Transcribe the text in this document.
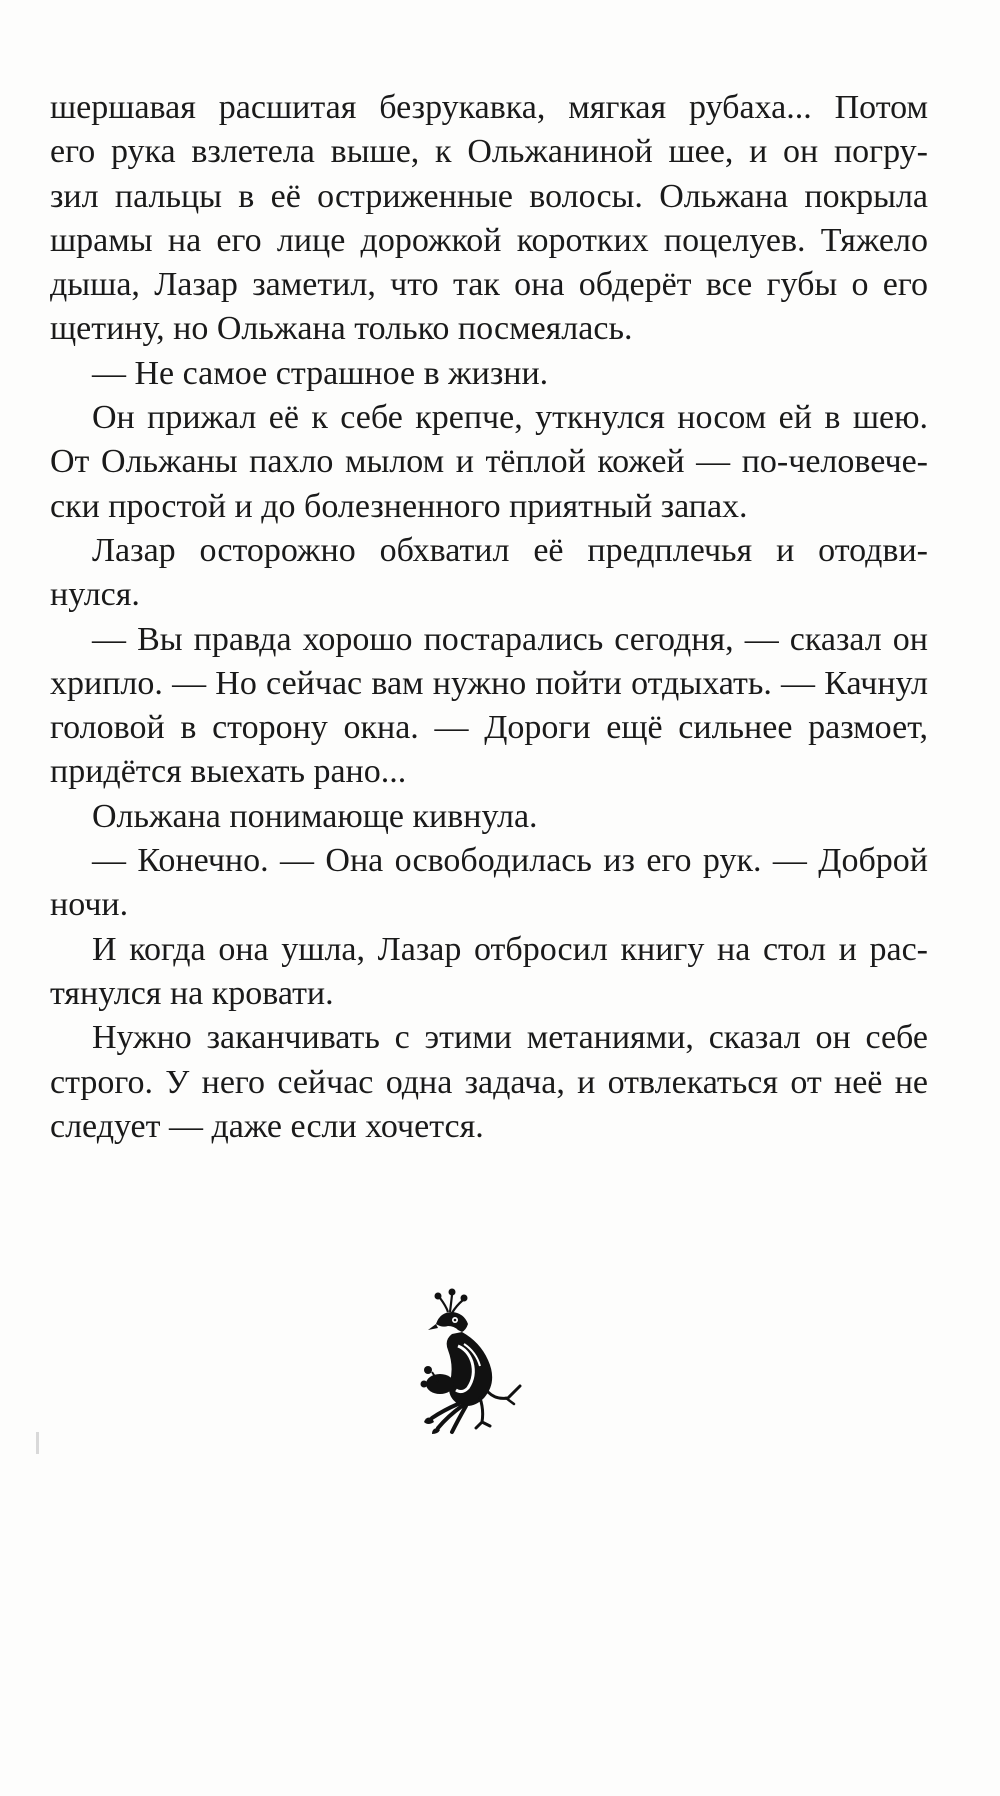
шершавая расшитая безрукавка, мягкая рубаха... Потом
его рука взлетела выше, к Ольжаниной шее, и он погру-
зил пальцы в её остриженные волосы. Ольжана покрыла
шрамы на его лице дорожкой коротких поцелуев. Тяжело
дыша, Лазар заметил, что так она обдерёт все губы о его
щетину, но Ольжана только посмеялась.
— Не самое страшное в жизни.
Он прижал её к себе крепче, уткнулся носом ей в шею.
От Ольжаны пахло мылом и тёплой кожей — по-человече-
ски простой и до болезненного приятный запах.
Лазар осторожно обхватил её предплечья и отодви-
нулся.
— Вы правда хорошо постарались сегодня, — сказал он
хрипло. — Но сейчас вам нужно пойти отдыхать. — Качнул
головой в сторону окна. — Дороги ещё сильнее размоет,
придётся выехать рано...
Ольжана понимающе кивнула.
— Конечно. — Она освободилась из его рук. — Доброй
ночи.
И когда она ушла, Лазар отбросил книгу на стол и рас-
тянулся на кровати.
Нужно заканчивать с этими метаниями, сказал он себе
строго. У него сейчас одна задача, и отвлекаться от неё не
следует — даже если хочется.
